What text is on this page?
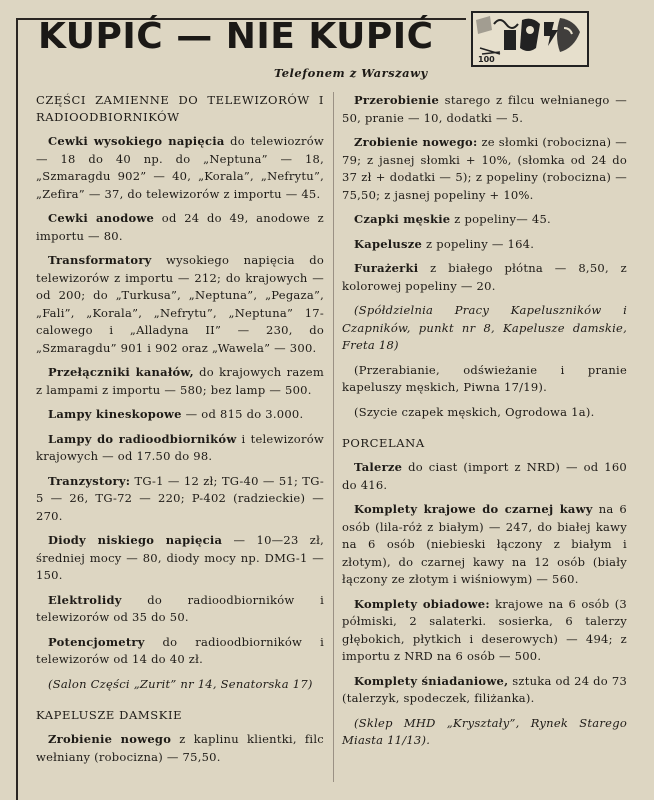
KUPIĆ — NIE KUPIĆ
Telefonem z Warszawy
100
CZĘŚCI ZAMIENNE DO TELEWIZORÓW I RADIOODBIORNIKÓW

Cewki wysokiego napięcia do telewiozrów — 18 do 40 np. do „Neptuna” — 18, „Szmaragdu 902” — 40, „Korala”, „Nefrytu”, „Zefira” — 37, do telewizorów z importu — 45.

Cewki anodowe od 24 do 49, anodowe z importu — 80.

Transformatory wysokiego napięcia do telewizorów z importu — 212; do krajowych — od 200; do „Turkusa”, „Neptuna”, „Pegaza”, „Fali”, „Korala”, „Nefrytu”, „Neptuna” 17-calowego i „Alladyna II” — 230, do „Szmaragdu” 901 i 902 oraz „Wawela” — 300.

Przełączniki kanałów, do krajowych razem z lampami z importu — 580; bez lamp — 500.

Lampy kineskopowe — od 815 do 3.000.

Lampy do radioodbiorników i telewizorów krajowych — od 17.50 do 98.

Tranzystory: TG-1 — 12 zł; TG-40 — 51; TG-5 — 26, TG-72 — 220; P-402 (radzieckie) — 270.

Diody niskiego napięcia — 10—23 zł, średniej mocy — 80, diody mocy np. DMG-1 — 150.

Elektrolidy do radioodbiorników i telewizorów od 35 do 50.

Potencjometry do radioodbiorników i telewizorów od 14 do 40 zł.

(Salon Części „Zurit” nr 14, Senatorska 17)

KAPELUSZE DAMSKIE

Zrobienie nowego z kaplinu klientki, filc wełniany (robocizna) — 75,50.

Przerobienie starego z filcu wełnianego — 50, pranie — 10, dodatki — 5.

Zrobienie nowego: ze słomki (robocizna) — 79; z jasnej słomki + 10%, (słomka od 24 do 37 zł + dodatki — 5); z popeliny (robocizna) — 75,50; z jasnej popeliny + 10%.

Czapki męskie z popeliny— 45.

Kapelusze z popeliny — 164.

Furażerki z białego płótna — 8,50, z kolorowej popeliny — 20.

(Spółdzielnia Pracy Kapeluszników i Czapników, punkt nr 8, Kapelusze damskie, Freta 18)

(Przerabianie, odświeżanie i pranie kapeluszy męskich, Piwna 17/19).

(Szycie czapek męskich, Ogrodowa 1a).

PORCELANA

Talerze do ciast (import z NRD) — od 160 do 416.

Komplety krajowe do czarnej kawy na 6 osób (lila-róż z białym) — 247, do białej kawy na 6 osób (niebieski łączony z białym i złotym), do czarnej kawy na 12 osób (biały łączony ze złotym i wiśniowym) — 560.

Komplety obiadowe: krajowe na 6 osób (3 półmiski, 2 salaterki. sosierka, 6 talerzy głębokich, płytkich i deserowych) — 494; z importu z NRD na 6 osób — 500.

Komplety śniadaniowe, sztuka od 24 do 73 (talerzyk, spodeczek, filiżanka).

(Sklep MHD „Kryształy”, Rynek Starego Miasta 11/13).
